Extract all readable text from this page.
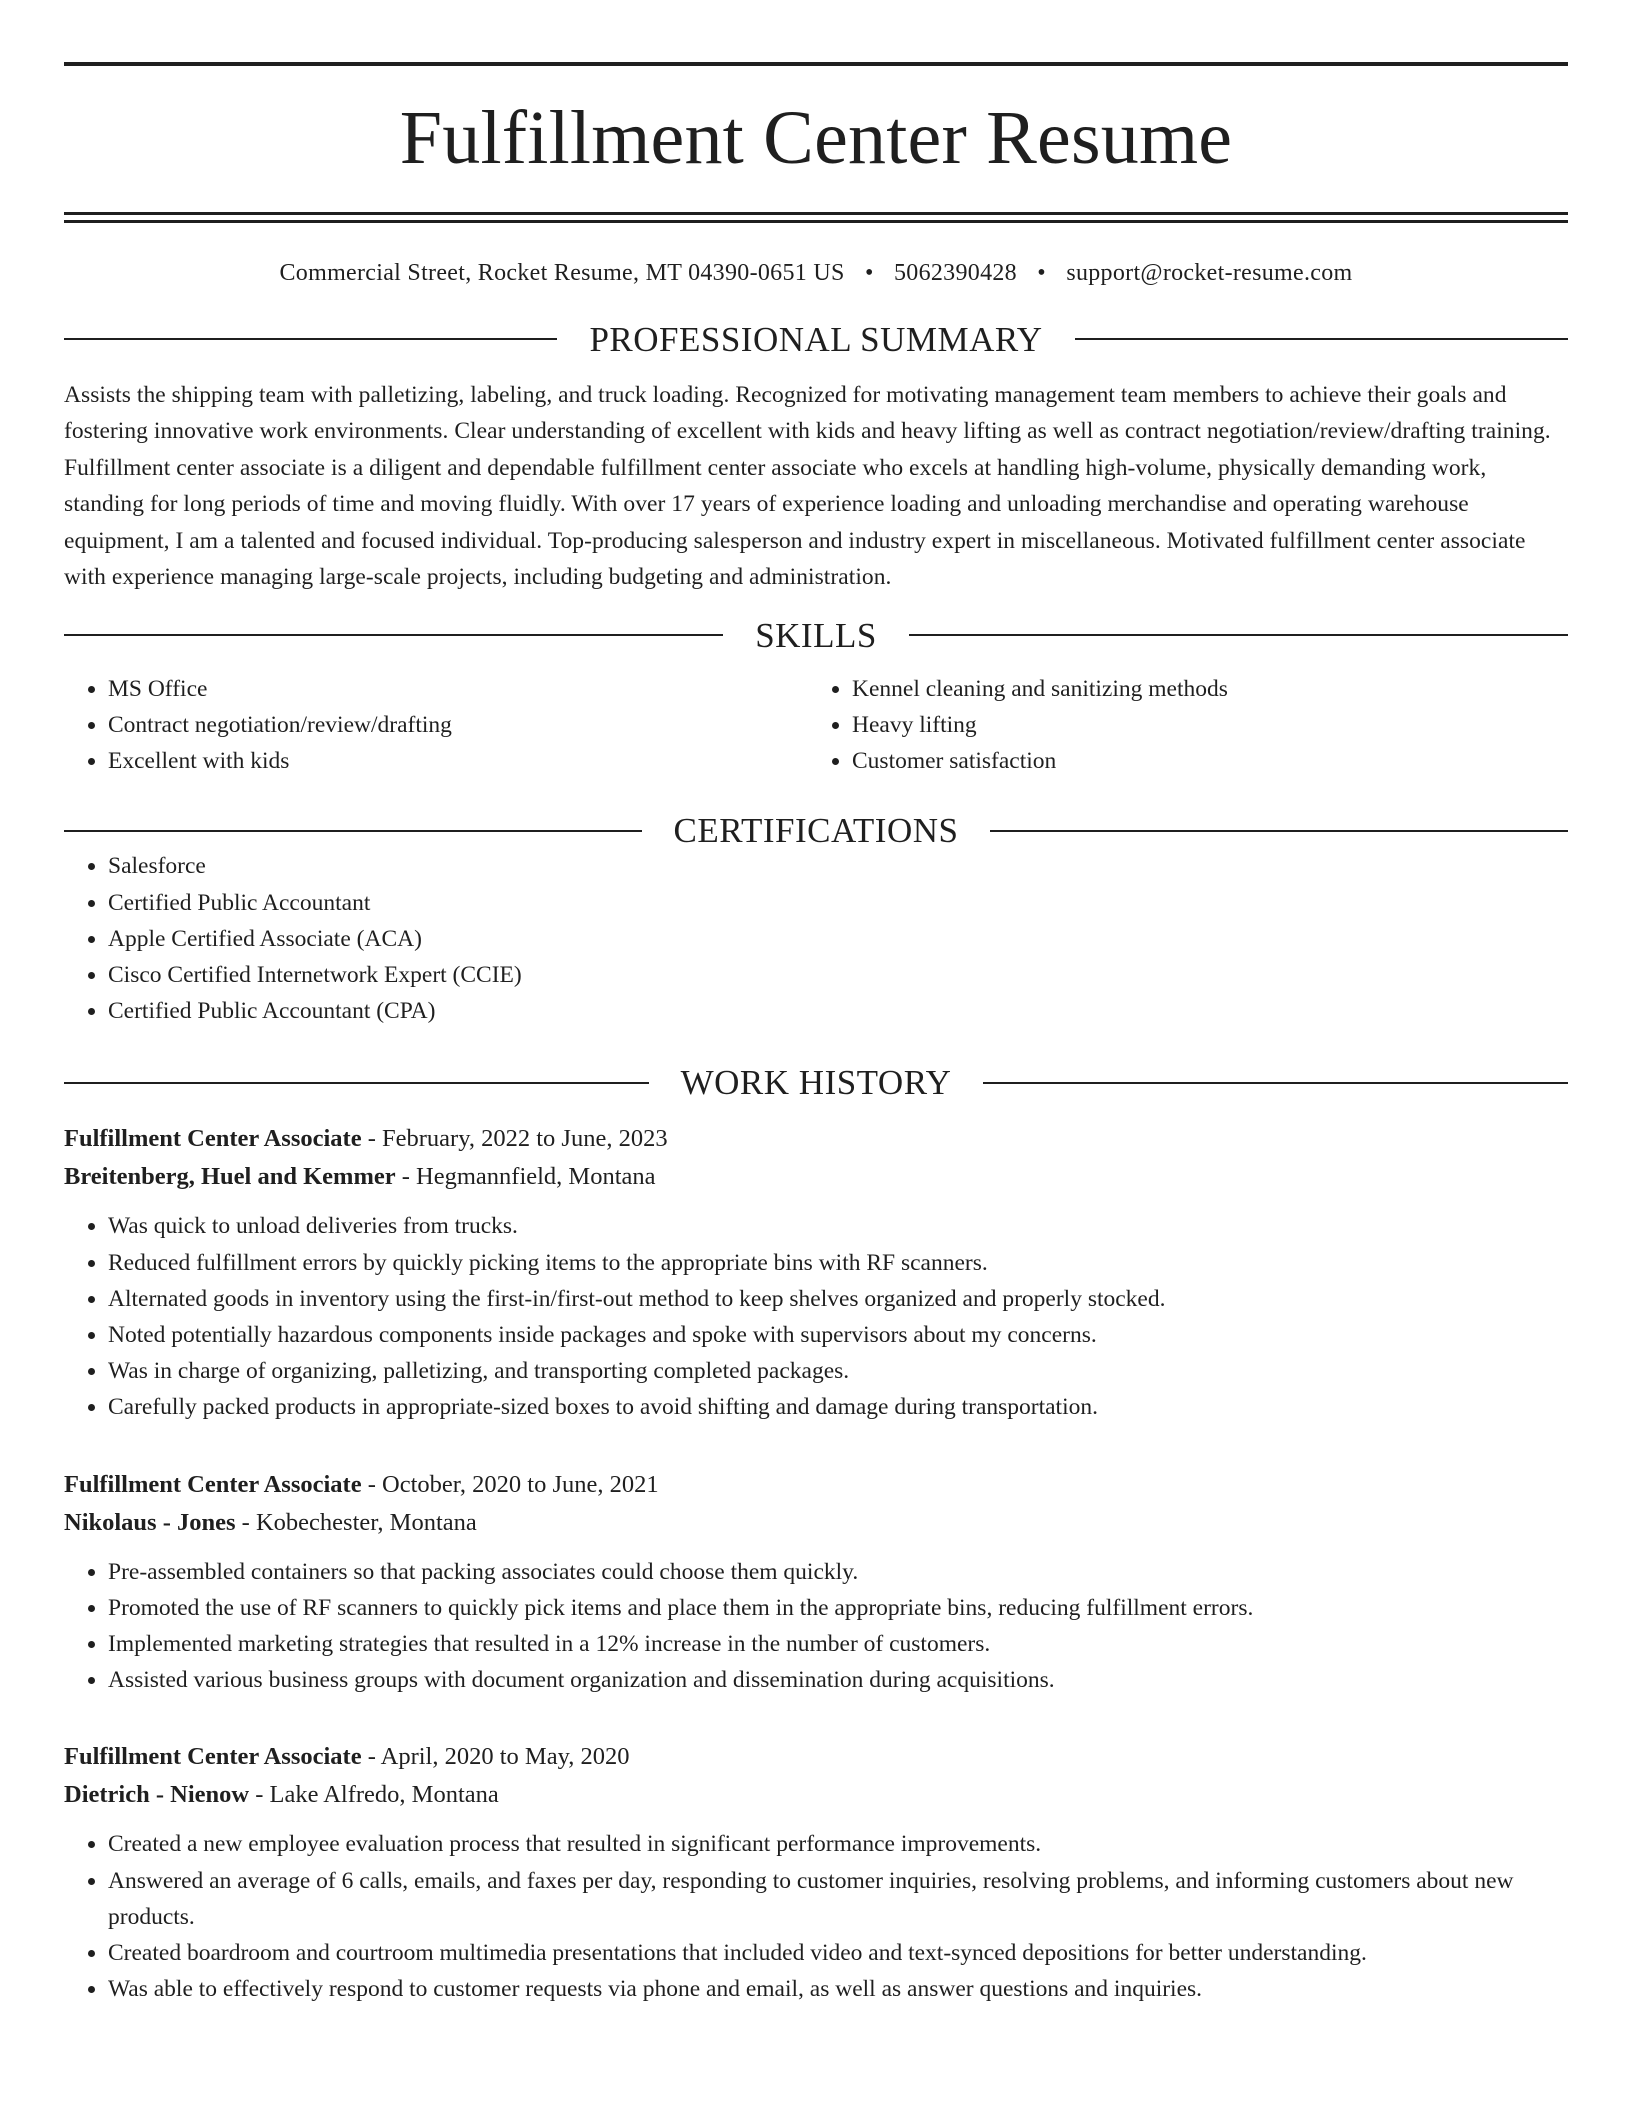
Fulfillment Center Resume
Commercial Street, Rocket Resume, MT 04390-0651 US • 5062390428 • support@rocket-resume.com
PROFESSIONAL SUMMARY

Assists the shipping team with palletizing, labeling, and truck loading. Recognized for motivating management team members to achieve their goals and fostering innovative work environments. Clear understanding of excellent with kids and heavy lifting as well as contract negotiation/review/drafting training. Fulfillment center associate is a diligent and dependable fulfillment center associate who excels at handling high-volume, physically demanding work, standing for long periods of time and moving fluidly. With over 17 years of experience loading and unloading merchandise and operating warehouse equipment, I am a talented and focused individual. Top-producing salesperson and industry expert in miscellaneous. Motivated fulfillment center associate with experience managing large-scale projects, including budgeting and administration.

SKILLS
• MS Office
• Contract negotiation/review/drafting
• Excellent with kids
• Kennel cleaning and sanitizing methods
• Heavy lifting
• Customer satisfaction
CERTIFICATIONS
• Salesforce
• Certified Public Accountant
• Apple Certified Associate (ACA)
• Cisco Certified Internetwork Expert (CCIE)
• Certified Public Accountant (CPA)
WORK HISTORY
Fulfillment Center Associate - February, 2022 to June, 2023
Breitenberg, Huel and Kemmer - Hegmannfield, Montana
• Was quick to unload deliveries from trucks.
• Reduced fulfillment errors by quickly picking items to the appropriate bins with RF scanners.
• Alternated goods in inventory using the first-in/first-out method to keep shelves organized and properly stocked.
• Noted potentially hazardous components inside packages and spoke with supervisors about my concerns.
• Was in charge of organizing, palletizing, and transporting completed packages.
• Carefully packed products in appropriate-sized boxes to avoid shifting and damage during transportation.
Fulfillment Center Associate - October, 2020 to June, 2021
Nikolaus - Jones - Kobechester, Montana
• Pre-assembled containers so that packing associates could choose them quickly.
• Promoted the use of RF scanners to quickly pick items and place them in the appropriate bins, reducing fulfillment errors.
• Implemented marketing strategies that resulted in a 12% increase in the number of customers.
• Assisted various business groups with document organization and dissemination during acquisitions.
Fulfillment Center Associate - April, 2020 to May, 2020
Dietrich - Nienow - Lake Alfredo, Montana
• Created a new employee evaluation process that resulted in significant performance improvements.
• Answered an average of 6 calls, emails, and faxes per day, responding to customer inquiries, resolving problems, and informing customers about new products.
• Created boardroom and courtroom multimedia presentations that included video and text-synced depositions for better understanding.
• Was able to effectively respond to customer requests via phone and email, as well as answer questions and inquiries.
